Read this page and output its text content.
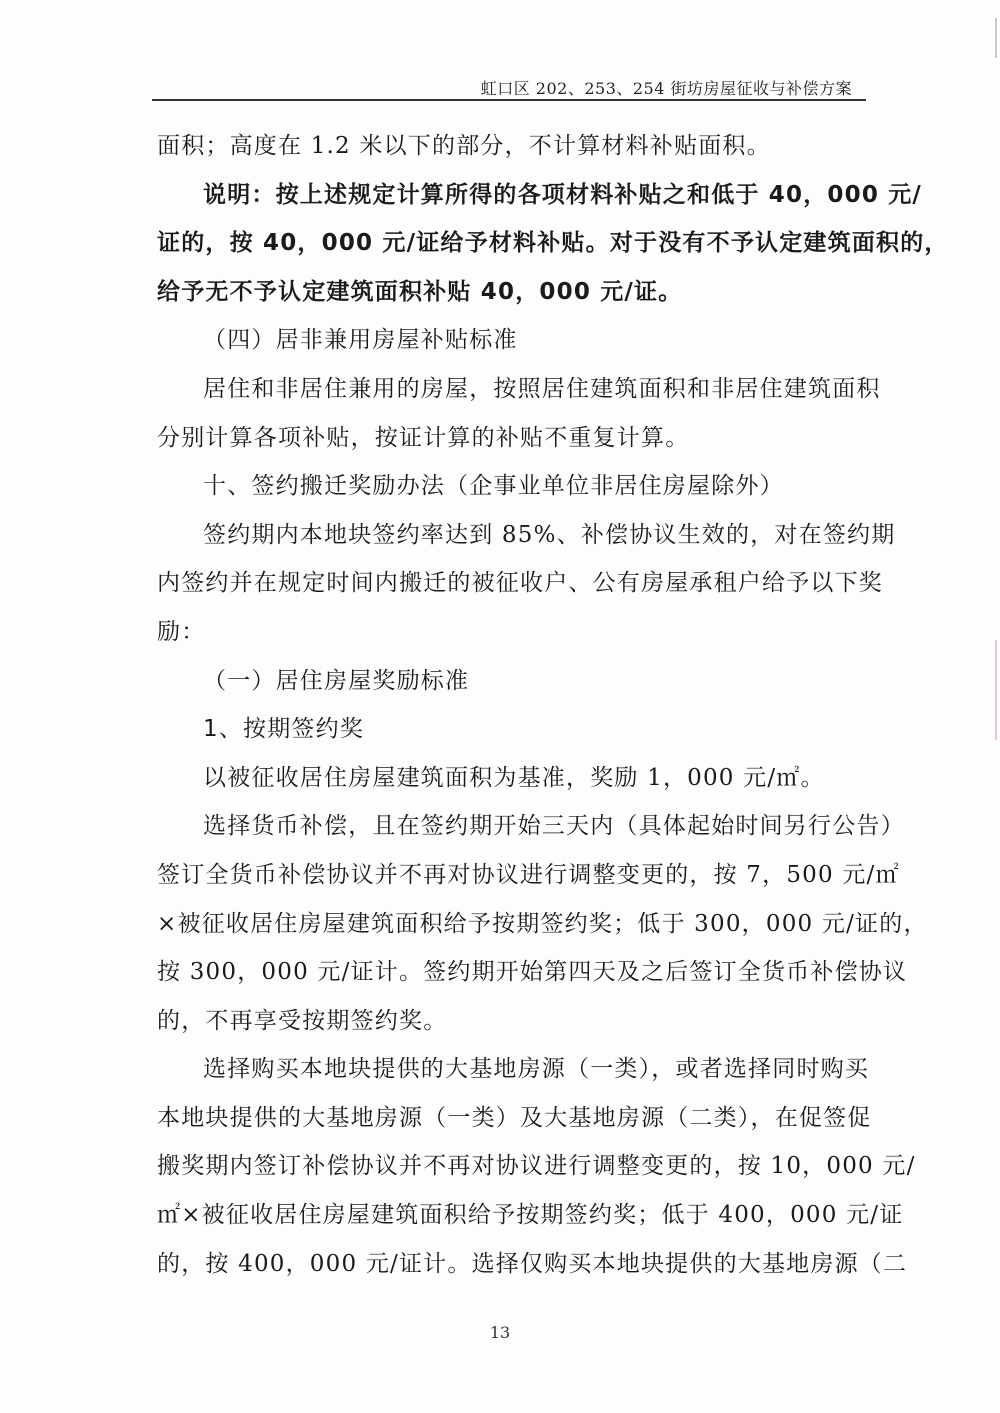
虹口区 202、253、254 街坊房屋征收与补偿方案
面积；高度在 1.2 米以下的部分，不计算材料补贴面积。
说明：按上述规定计算所得的各项材料补贴之和低于 40，000 元/
证的，按 40，000 元/证给予材料补贴。对于没有不予认定建筑面积的，
给予无不予认定建筑面积补贴 40，000 元/证。
（四）居非兼用房屋补贴标准
居住和非居住兼用的房屋，按照居住建筑面积和非居住建筑面积
分别计算各项补贴，按证计算的补贴不重复计算。
十、签约搬迁奖励办法（企事业单位非居住房屋除外）
签约期内本地块签约率达到 85%、补偿协议生效的，对在签约期
内签约并在规定时间内搬迁的被征收户、公有房屋承租户给予以下奖
励：
（一）居住房屋奖励标准
1、按期签约奖
以被征收居住房屋建筑面积为基准，奖励 1，000 元/㎡。
选择货币补偿，且在签约期开始三天内（具体起始时间另行公告）
签订全货币补偿协议并不再对协议进行调整变更的，按 7，500 元/㎡
×被征收居住房屋建筑面积给予按期签约奖；低于 300，000 元/证的，
按 300，000 元/证计。签约期开始第四天及之后签订全货币补偿协议
的，不再享受按期签约奖。
选择购买本地块提供的大基地房源（一类），或者选择同时购买
本地块提供的大基地房源（一类）及大基地房源（二类），在促签促
搬奖期内签订补偿协议并不再对协议进行调整变更的，按 10，000 元/
㎡×被征收居住房屋建筑面积给予按期签约奖；低于 400，000 元/证
的，按 400，000 元/证计。选择仅购买本地块提供的大基地房源（二
13
